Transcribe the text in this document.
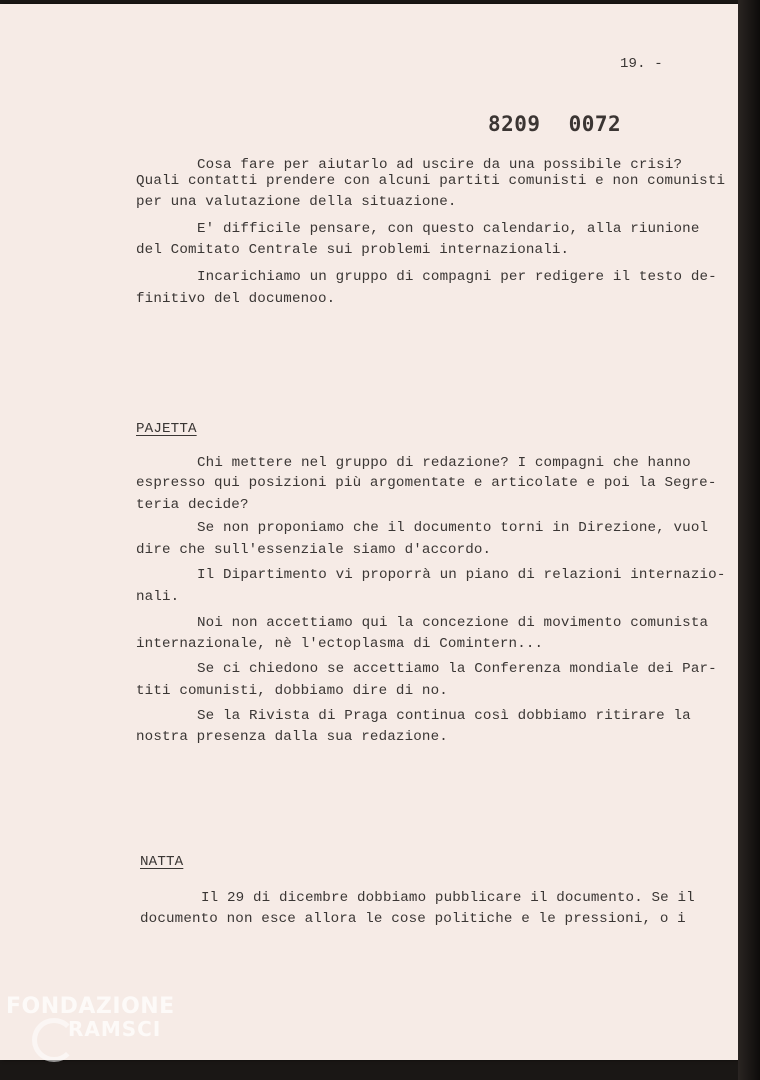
19. -
8209 0072
Cosa fare per aiutarlo ad uscire da una possibile crisi?
Quali contatti prendere con alcuni partiti comunisti e non comunisti
per una valutazione della situazione.
E' difficile pensare, con questo calendario, alla riunione
del Comitato Centrale sui problemi internazionali.
Incarichiamo un gruppo di compagni per redigere il testo de-
finitivo del documenoo.
PAJETTA
Chi mettere nel gruppo di redazione? I compagni che hanno
espresso qui posizioni più argomentate e articolate e poi la Segre-
teria decide?
Se non proponiamo che il documento torni in Direzione, vuol
dire che sull'essenziale siamo d'accordo.
Il Dipartimento vi proporrà un piano di relazioni internazio-
nali.
Noi non accettiamo qui la concezione di movimento comunista
internazionale, nè l'ectoplasma di Comintern...
Se ci chiedono se accettiamo la Conferenza mondiale dei Par-
titi comunisti, dobbiamo dire di no.
Se la Rivista di Praga continua così dobbiamo ritirare la
nostra presenza dalla sua redazione.
NATTA
Il 29 di dicembre dobbiamo pubblicare il documento. Se il
documento non esce allora le cose politiche e le pressioni, o i
FONDAZIONE
RAMSCI
